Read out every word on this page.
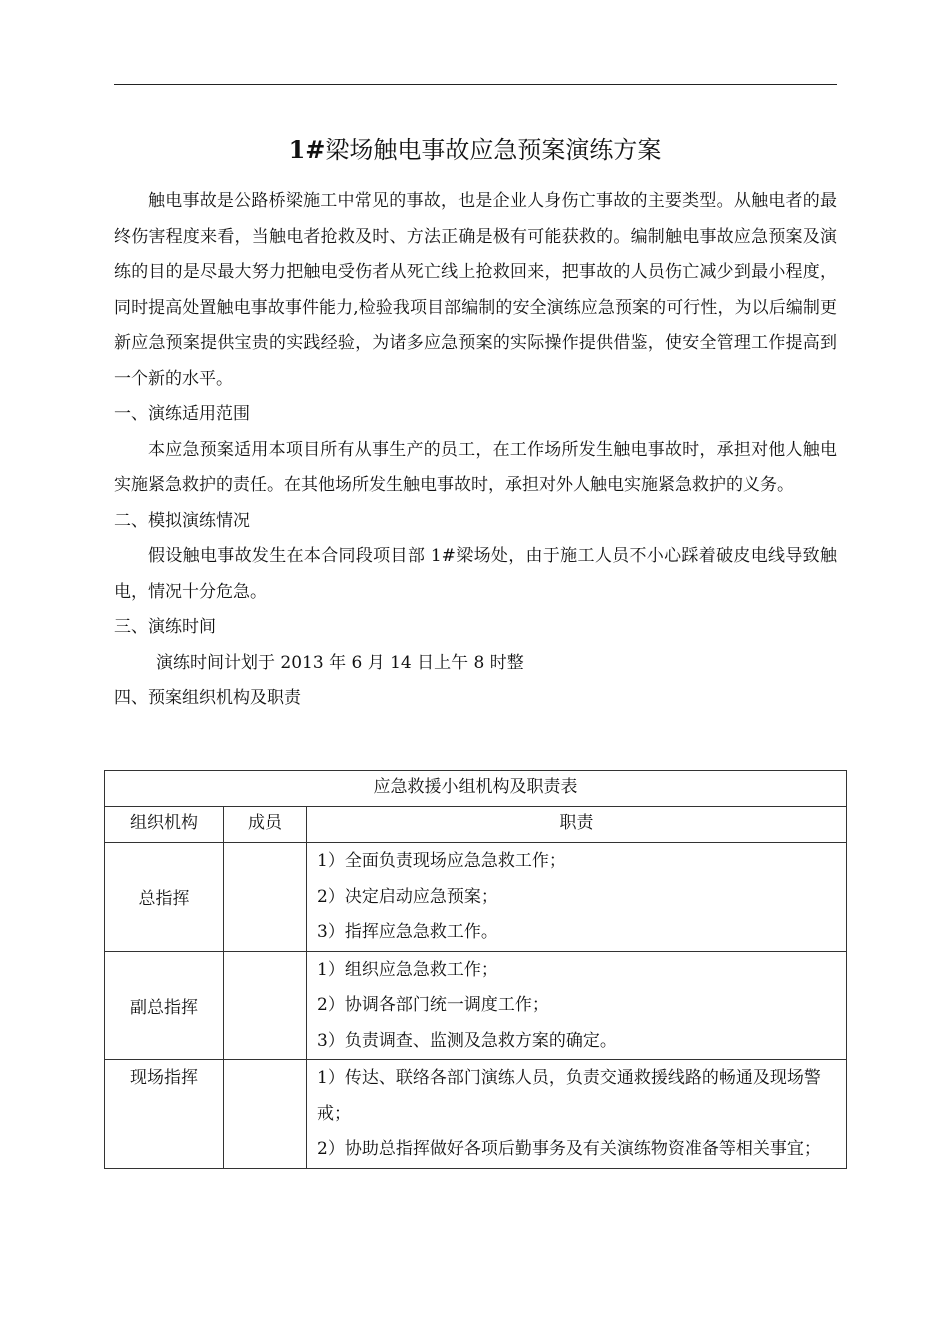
1#梁场触电事故应急预案演练方案

触电事故是公路桥梁施工中常见的事故，也是企业人身伤亡事故的主要类型。从触电者的最终伤害程度来看，当触电者抢救及时、方法正确是极有可能获救的。编制触电事故应急预案及演练的目的是尽最大努力把触电受伤者从死亡线上抢救回来，把事故的人员伤亡减少到最小程度，同时提高处置触电事故事件能力,检验我项目部编制的安全演练应急预案的可行性，为以后编制更新应急预案提供宝贵的实践经验，为诸多应急预案的实际操作提供借鉴，使安全管理工作提高到一个新的水平。

一、演练适用范围

本应急预案适用本项目所有从事生产的员工，在工作场所发生触电事故时，承担对他人触电实施紧急救护的责任。在其他场所发生触电事故时，承担对外人触电实施紧急救护的义务。

二、模拟演练情况

假设触电事故发生在本合同段项目部 1#梁场处，由于施工人员不小心踩着破皮电线导致触电，情况十分危急。

三、演练时间

演练时间计划于 2013 年 6 月 14 日上午 8 时整

四、预案组织机构及职责

应急救援小组机构及职责表		
组织机构	成员	职责
总指挥		1）全面负责现场应急急救工作；
2）决定启动应急预案；
3）指挥应急急救工作。

副总指挥		1）组织应急急救工作；
2）协调各部门统一调度工作；
3）负责调查、监测及急救方案的确定。

现场指挥		1）传达、联络各部门演练人员，负责交通救援线路的畅通及现场警戒；
2）协助总指挥做好各项后勤事务及有关演练物资准备等相关事宜；
